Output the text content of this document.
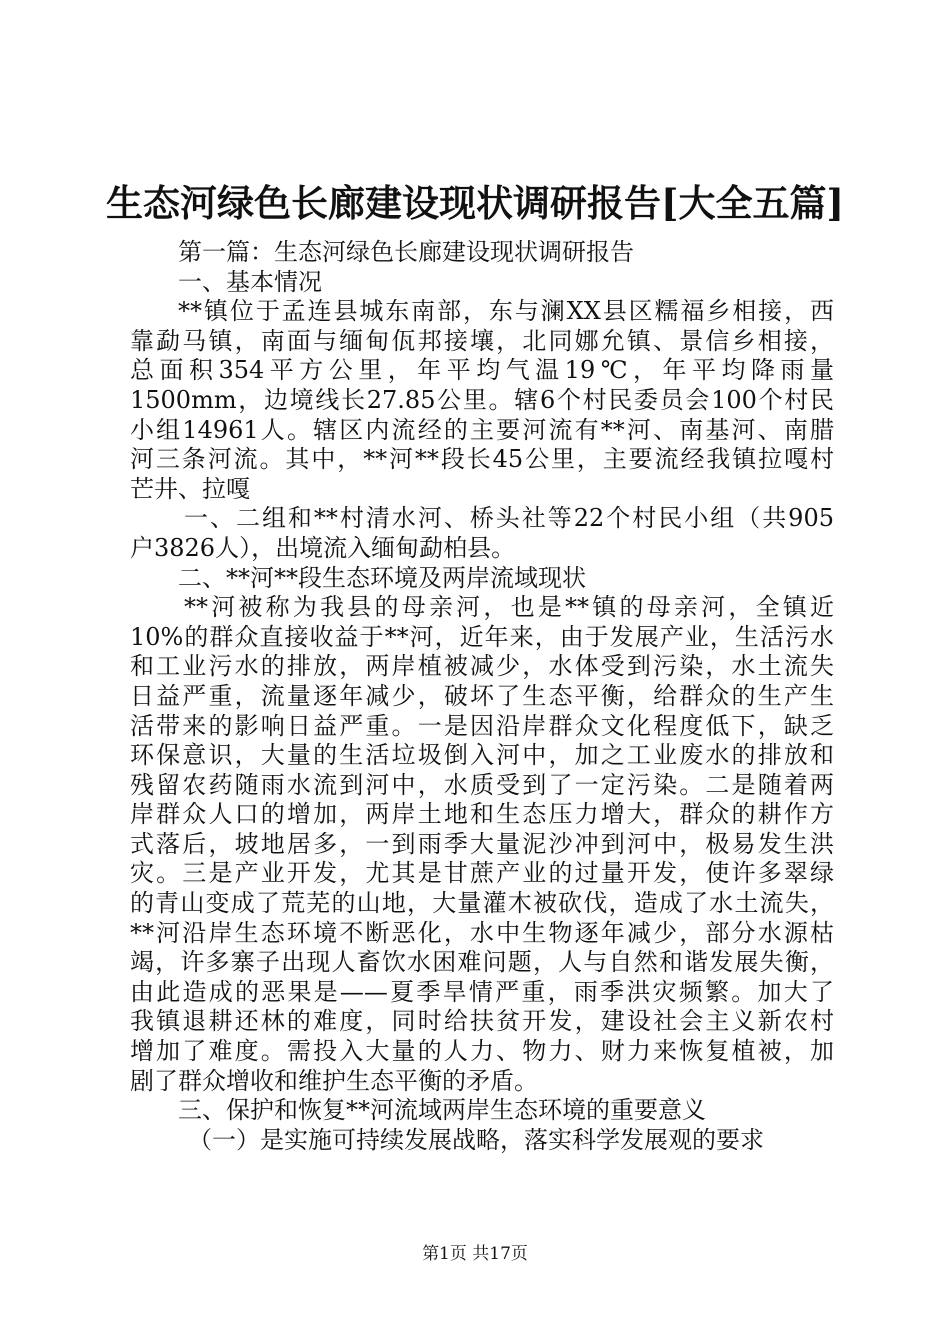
生态河绿色长廊建设现状调研报告[大全五篇]
第一篇：生态河绿色长廊建设现状调研报告
一、基本情况
**镇位于孟连县城东南部，东与澜XX县区糯福乡相接，西
靠勐马镇，南面与缅甸佤邦接壤，北同娜允镇、景信乡相接，
总面积354平方公里，年平均气温19℃，年平均降雨量
1500mm，边境线长27.85公里。辖6个村民委员会100个村民
小组14961人。辖区内流经的主要河流有**河、南基河、南腊
河三条河流。其中，**河**段长45公里，主要流经我镇拉嘎村
芒井、拉嘎
一、二组和**村清水河、桥头社等22个村民小组（共905
户3826人），出境流入缅甸勐柏县。
二、**河**段生态环境及两岸流域现状
**河被称为我县的母亲河，也是**镇的母亲河，全镇近
10%的群众直接收益于**河，近年来，由于发展产业，生活污水
和工业污水的排放，两岸植被减少，水体受到污染，水土流失
日益严重，流量逐年减少，破坏了生态平衡，给群众的生产生
活带来的影响日益严重。一是因沿岸群众文化程度低下，缺乏
环保意识，大量的生活垃圾倒入河中，加之工业废水的排放和
残留农药随雨水流到河中，水质受到了一定污染。二是随着两
岸群众人口的增加，两岸土地和生态压力增大，群众的耕作方
式落后，坡地居多，一到雨季大量泥沙冲到河中，极易发生洪
灾。三是产业开发，尤其是甘蔗产业的过量开发，使许多翠绿
的青山变成了荒芜的山地，大量灌木被砍伐，造成了水土流失，
**河沿岸生态环境不断恶化，水中生物逐年减少，部分水源枯
竭，许多寨子出现人畜饮水困难问题，人与自然和谐发展失衡，
由此造成的恶果是——夏季旱情严重，雨季洪灾频繁。加大了
我镇退耕还林的难度，同时给扶贫开发，建设社会主义新农村
增加了难度。需投入大量的人力、物力、财力来恢复植被，加
剧了群众增收和维护生态平衡的矛盾。
三、保护和恢复**河流域两岸生态环境的重要意义
（一）是实施可持续发展战略，落实科学发展观的要求
第1页 共17页
